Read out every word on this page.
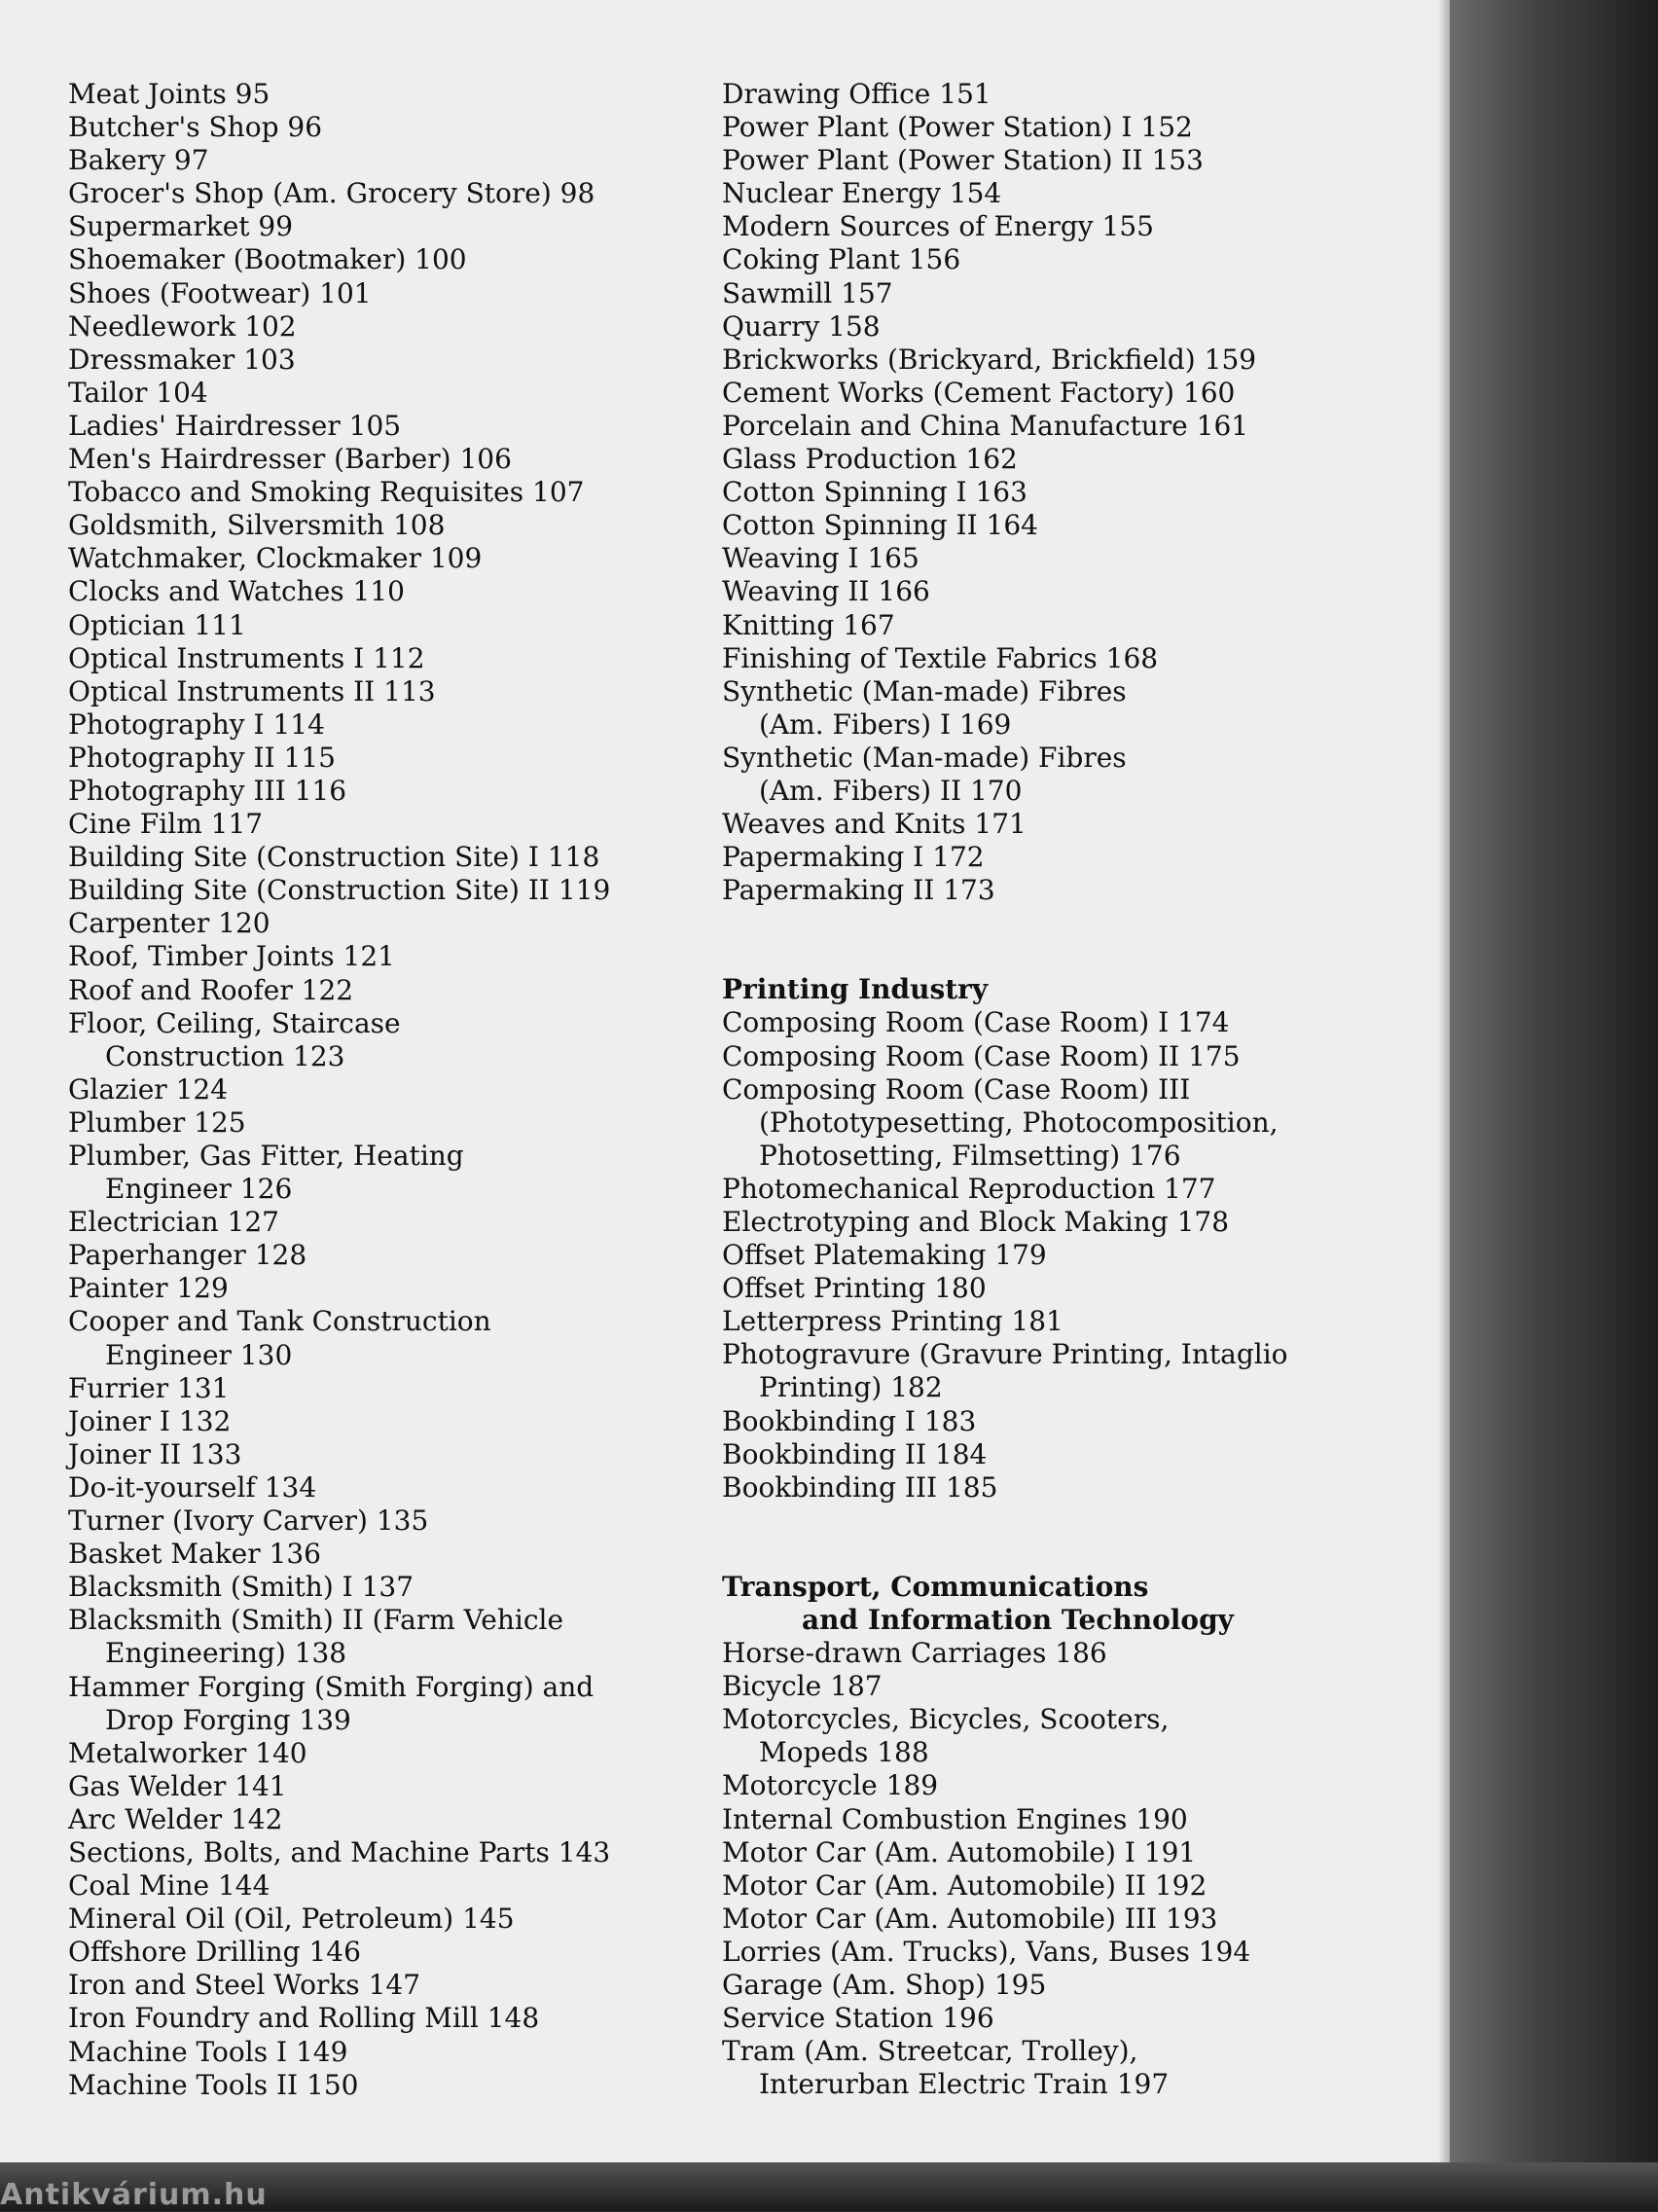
Meat Joints 95
Butcher's Shop 96
Bakery 97
Grocer's Shop (Am. Grocery Store) 98
Supermarket 99
Shoemaker (Bootmaker) 100
Shoes (Footwear) 101
Needlework 102
Dressmaker 103
Tailor 104
Ladies' Hairdresser 105
Men's Hairdresser (Barber) 106
Tobacco and Smoking Requisites 107
Goldsmith, Silversmith 108
Watchmaker, Clockmaker 109
Clocks and Watches 110
Optician 111
Optical Instruments I 112
Optical Instruments II 113
Photography I 114
Photography II 115
Photography III 116
Cine Film 117
Building Site (Construction Site) I 118
Building Site (Construction Site) II 119
Carpenter 120
Roof, Timber Joints 121
Roof and Roofer 122
Floor, Ceiling, Staircase
Construction 123
Glazier 124
Plumber 125
Plumber, Gas Fitter, Heating
Engineer 126
Electrician 127
Paperhanger 128
Painter 129
Cooper and Tank Construction
Engineer 130
Furrier 131
Joiner I 132
Joiner II 133
Do-it-yourself 134
Turner (Ivory Carver) 135
Basket Maker 136
Blacksmith (Smith) I 137
Blacksmith (Smith) II (Farm Vehicle
Engineering) 138
Hammer Forging (Smith Forging) and
Drop Forging 139
Metalworker 140
Gas Welder 141
Arc Welder 142
Sections, Bolts, and Machine Parts 143
Coal Mine 144
Mineral Oil (Oil, Petroleum) 145
Offshore Drilling 146
Iron and Steel Works 147
Iron Foundry and Rolling Mill 148
Machine Tools I 149
Machine Tools II 150
Drawing Office 151
Power Plant (Power Station) I 152
Power Plant (Power Station) II 153
Nuclear Energy 154
Modern Sources of Energy 155
Coking Plant 156
Sawmill 157
Quarry 158
Brickworks (Brickyard, Brickfield) 159
Cement Works (Cement Factory) 160
Porcelain and China Manufacture 161
Glass Production 162
Cotton Spinning I 163
Cotton Spinning II 164
Weaving I 165
Weaving II 166
Knitting 167
Finishing of Textile Fabrics 168
Synthetic (Man-made) Fibres
(Am. Fibers) I 169
Synthetic (Man-made) Fibres
(Am. Fibers) II 170
Weaves and Knits 171
Papermaking I 172
Papermaking II 173
Printing Industry
Composing Room (Case Room) I 174
Composing Room (Case Room) II 175
Composing Room (Case Room) III
(Phototypesetting, Photocomposition,
Photosetting, Filmsetting) 176
Photomechanical Reproduction 177
Electrotyping and Block Making 178
Offset Platemaking 179
Offset Printing 180
Letterpress Printing 181
Photogravure (Gravure Printing, Intaglio
Printing) 182
Bookbinding I 183
Bookbinding II 184
Bookbinding III 185
Transport, Communications
and Information Technology
Horse-drawn Carriages 186
Bicycle 187
Motorcycles, Bicycles, Scooters,
Mopeds 188
Motorcycle 189
Internal Combustion Engines 190
Motor Car (Am. Automobile) I 191
Motor Car (Am. Automobile) II 192
Motor Car (Am. Automobile) III 193
Lorries (Am. Trucks), Vans, Buses 194
Garage (Am. Shop) 195
Service Station 196
Tram (Am. Streetcar, Trolley),
Interurban Electric Train 197
Antikvárium.hu
